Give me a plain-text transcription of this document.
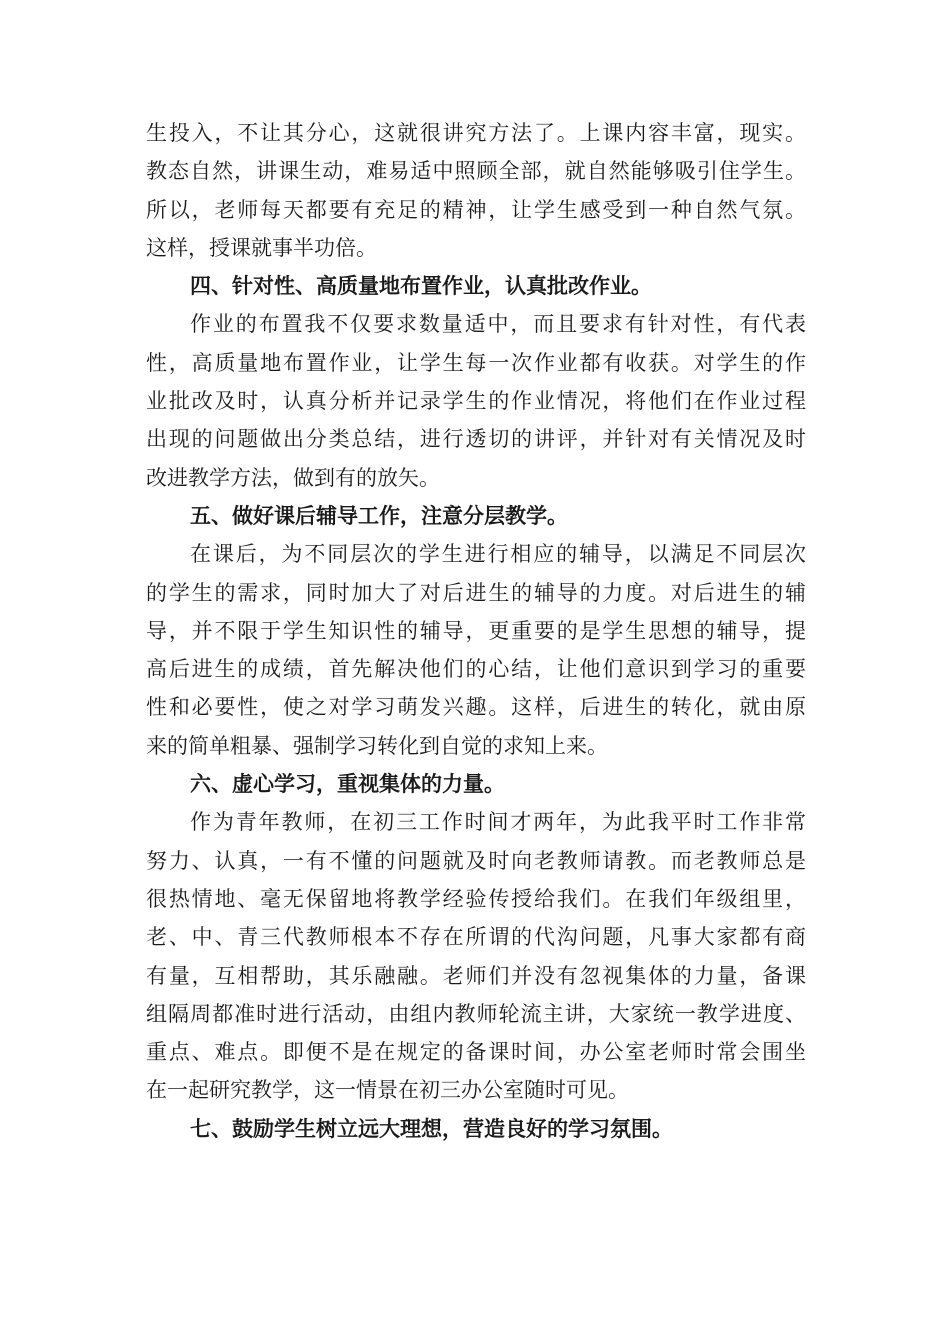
生投入，不让其分心，这就很讲究方法了。上课内容丰富，现实。
教态自然，讲课生动，难易适中照顾全部，就自然能够吸引住学生。
所以，老师每天都要有充足的精神，让学生感受到一种自然气氛。
这样，授课就事半功倍。
四、针对性、高质量地布置作业，认真批改作业。
作业的布置我不仅要求数量适中，而且要求有针对性，有代表
性，高质量地布置作业，让学生每一次作业都有收获。对学生的作
业批改及时，认真分析并记录学生的作业情况，将他们在作业过程
出现的问题做出分类总结，进行透切的讲评，并针对有关情况及时
改进教学方法，做到有的放矢。
五、做好课后辅导工作，注意分层教学。
在课后，为不同层次的学生进行相应的辅导，以满足不同层次
的学生的需求，同时加大了对后进生的辅导的力度。对后进生的辅
导，并不限于学生知识性的辅导，更重要的是学生思想的辅导，提
高后进生的成绩，首先解决他们的心结，让他们意识到学习的重要
性和必要性，使之对学习萌发兴趣。这样，后进生的转化，就由原
来的简单粗暴、强制学习转化到自觉的求知上来。
六、虚心学习，重视集体的力量。
作为青年教师，在初三工作时间才两年，为此我平时工作非常
努力、认真，一有不懂的问题就及时向老教师请教。而老教师总是
很热情地、毫无保留地将教学经验传授给我们。在我们年级组里，
老、中、青三代教师根本不存在所谓的代沟问题，凡事大家都有商
有量，互相帮助，其乐融融。老师们并没有忽视集体的力量，备课
组隔周都准时进行活动，由组内教师轮流主讲，大家统一教学进度、
重点、难点。即便不是在规定的备课时间，办公室老师时常会围坐
在一起研究教学，这一情景在初三办公室随时可见。
七、鼓励学生树立远大理想，营造良好的学习氛围。
